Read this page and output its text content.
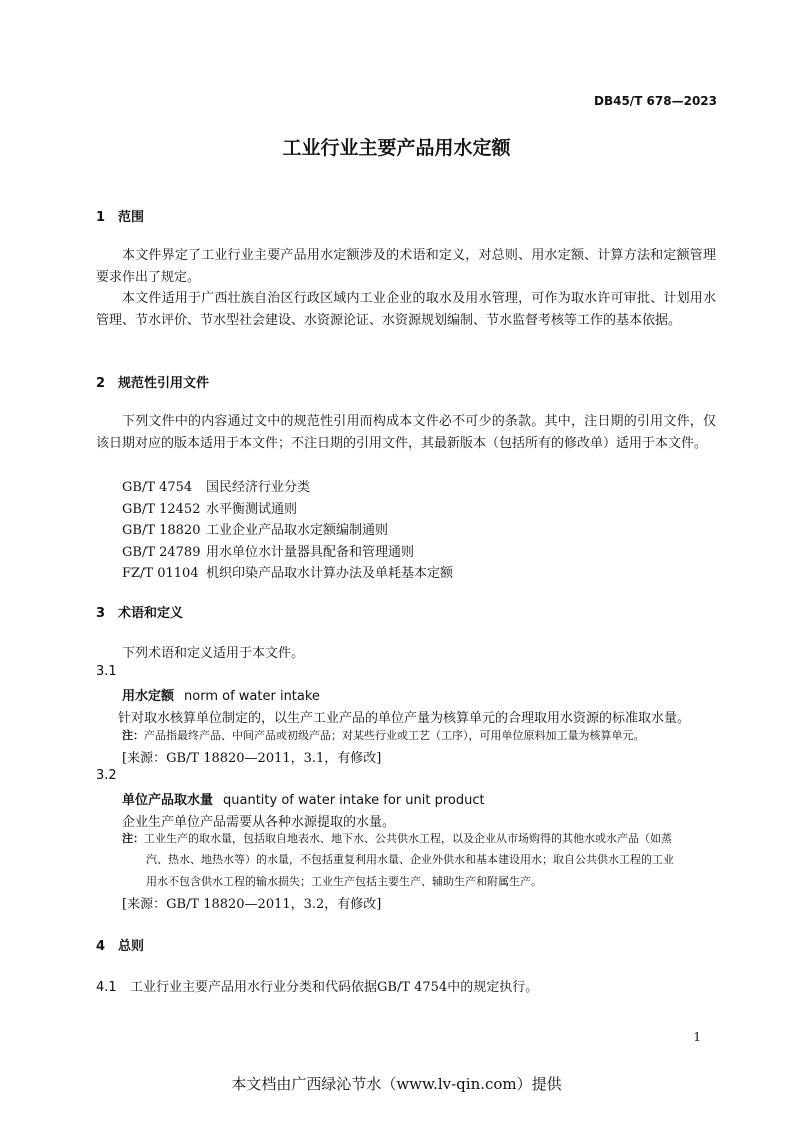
DB45/T 678—2023
工业行业主要产品用水定额
1 范围
本文件界定了工业行业主要产品用水定额涉及的术语和定义，对总则、用水定额、计算方法和定额管理要求作出了规定。
本文件适用于广西壮族自治区行政区域内工业企业的取水及用水管理，可作为取水许可审批、计划用水管理、节水评价、节水型社会建设、水资源论证、水资源规划编制、节水监督考核等工作的基本依据。
2 规范性引用文件
下列文件中的内容通过文中的规范性引用而构成本文件必不可少的条款。其中，注日期的引用文件，仅该日期对应的版本适用于本文件；不注日期的引用文件，其最新版本（包括所有的修改单）适用于本文件。
GB/T 4754 国民经济行业分类
GB/T 12452 水平衡测试通则
GB/T 18820 工业企业产品取水定额编制通则
GB/T 24789 用水单位水计量器具配备和管理通则
FZ/T 01104 机织印染产品取水计算办法及单耗基本定额
3 术语和定义
下列术语和定义适用于本文件。
3.1
用水定额 norm of water intake
针对取水核算单位制定的，以生产工业产品的单位产量为核算单元的合理取用水资源的标准取水量。
注：产品指最终产品、中间产品或初级产品；对某些行业或工艺（工序），可用单位原料加工量为核算单元。
[来源：GB/T 18820—2011，3.1，有修改]
3.2
单位产品取水量 quantity of water intake for unit product
企业生产单位产品需要从各种水源提取的水量。
注：工业生产的取水量，包括取自地表水、地下水、公共供水工程，以及企业从市场购得的其他水或水产品（如蒸
汽、热水、地热水等）的水量，不包括重复利用水量、企业外供水和基本建设用水；取自公共供水工程的工业
用水不包含供水工程的输水损失；工业生产包括主要生产、辅助生产和附属生产。
[来源：GB/T 18820—2011，3.2，有修改]
4 总则
4.1 工业行业主要产品用水行业分类和代码依据GB/T 4754中的规定执行。
1
本文档由广西绿沁节水（www.lv-qin.com）提供
